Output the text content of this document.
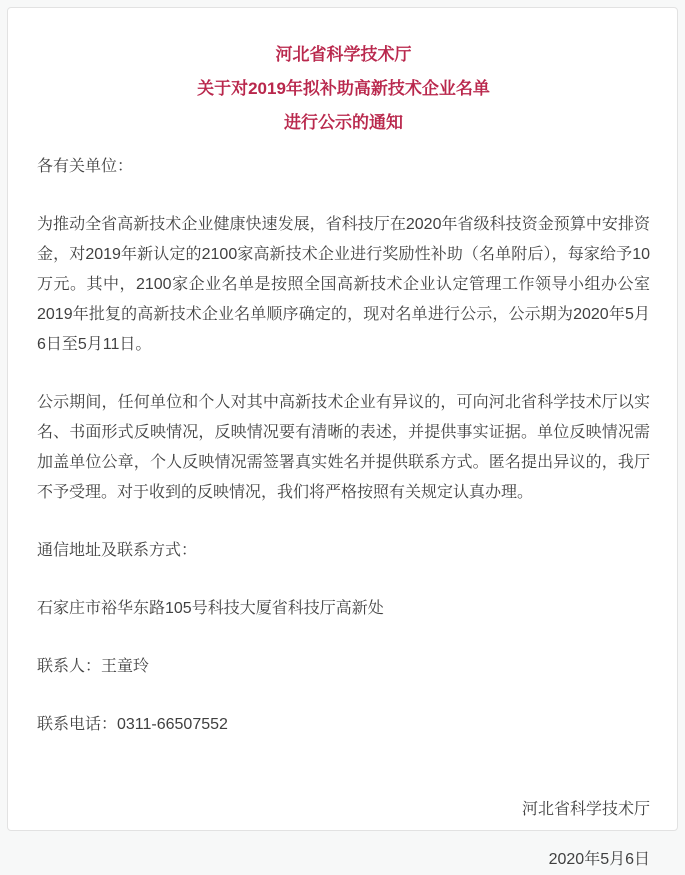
河北省科学技术厅
关于对2019年拟补助高新技术企业名单
进行公示的通知

各有关单位：

为推动全省高新技术企业健康快速发展，省科技厅在2020年省级科技资金预算中安排资金，对2019年新认定的2100家高新技术企业进行奖励性补助（名单附后），每家给予10万元。其中，2100家企业名单是按照全国高新技术企业认定管理工作领导小组办公室2019年批复的高新技术企业名单顺序确定的，现对名单进行公示，公示期为2020年5月6日至5月11日。

公示期间，任何单位和个人对其中高新技术企业有异议的，可向河北省科学技术厅以实名、书面形式反映情况，反映情况要有清晰的表述，并提供事实证据。单位反映情况需加盖单位公章，个人反映情况需签署真实姓名并提供联系方式。匿名提出异议的，我厅不予受理。对于收到的反映情况，我们将严格按照有关规定认真办理。

通信地址及联系方式：

石家庄市裕华东路105号科技大厦省科技厅高新处

联系人：王童玲

联系电话：0311-66507552

河北省科学技术厅

2020年5月6日
